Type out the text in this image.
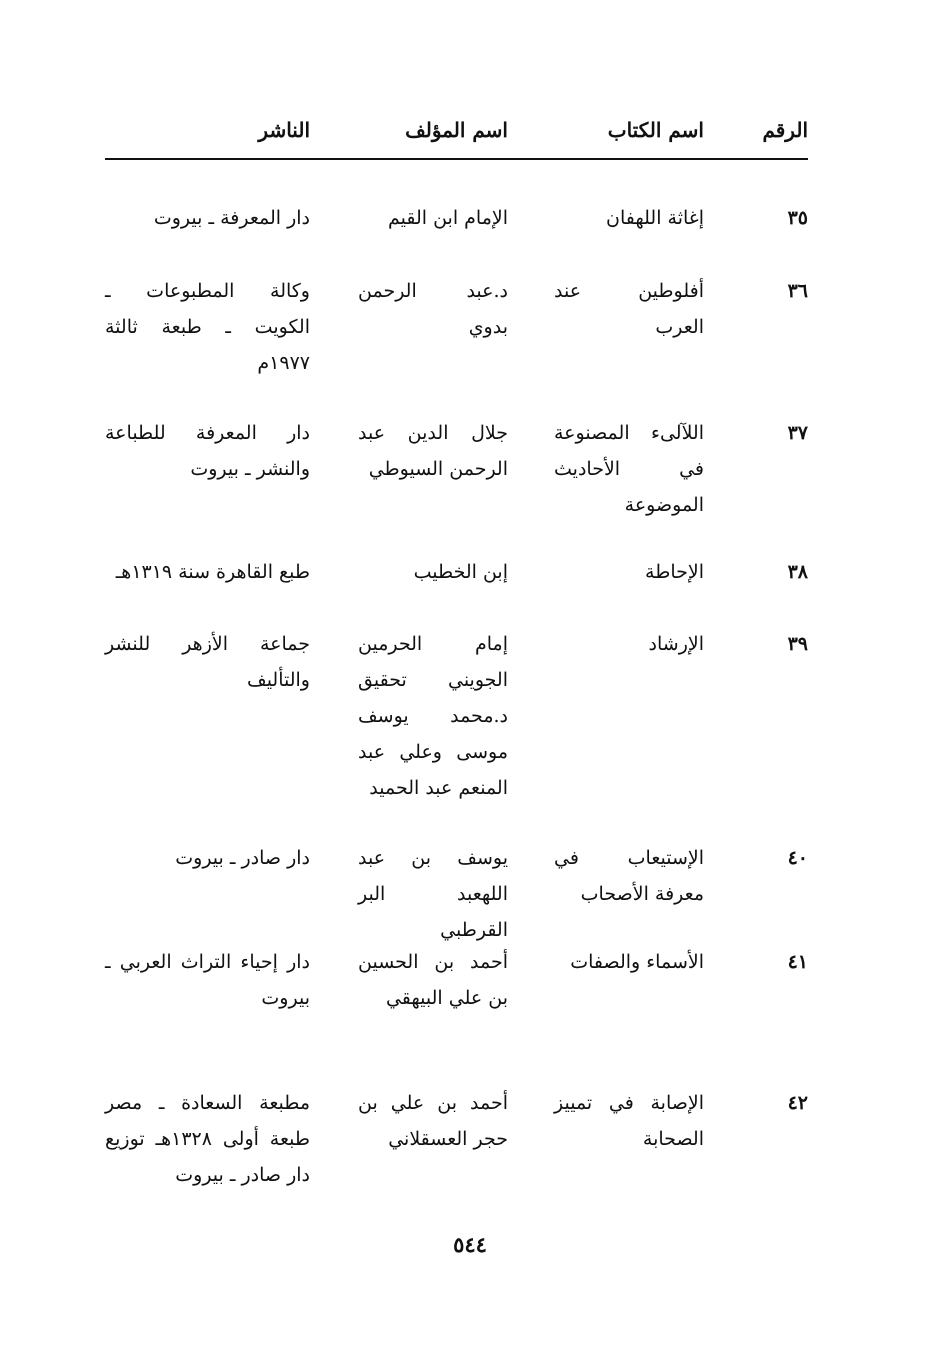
الرقم
اسم الكتاب
اسم المؤلف
الناشر
٣٥
إغاثة اللهفان
الإمام ابن القيم
دار المعرفة ـ بيروت
٣٦
أفلوطين عند العرب
د.عبد الرحمن بدوي
وكالة المطبوعات ـ الكويت ـ طبعة ثالثة ١٩٧٧م
٣٧
اللآلىء المصنوعة في الأحاديث الموضوعة
جلال الدين عبد الرحمن السيوطي
دار المعرفة للطباعة والنشر ـ بيروت
٣٨
الإحاطة
إبن الخطيب
طبع القاهرة سنة ١٣١٩هـ
٣٩
الإرشاد
إمام الحرمين الجويني تحقيق د.محمد يوسف موسى وعلي عبد المنعم عبد الحميد
جماعة الأزهر للنشر والتأليف
٤٠
الإستيعاب في معرفة الأصحاب
يوسف بن عبد اللهعبد البر القرطبي
دار صادر ـ بيروت
٤١
الأسماء والصفات
أحمد بن الحسين بن علي البيهقي
دار إحياء التراث العربي ـ بيروت
٤٢
الإصابة في تمييز الصحابة
أحمد بن علي بن حجر العسقلاني
مطبعة السعادة ـ مصر طبعة أولى ١٣٢٨هـ توزيع دار صادر ـ بيروت
٥٤٤
